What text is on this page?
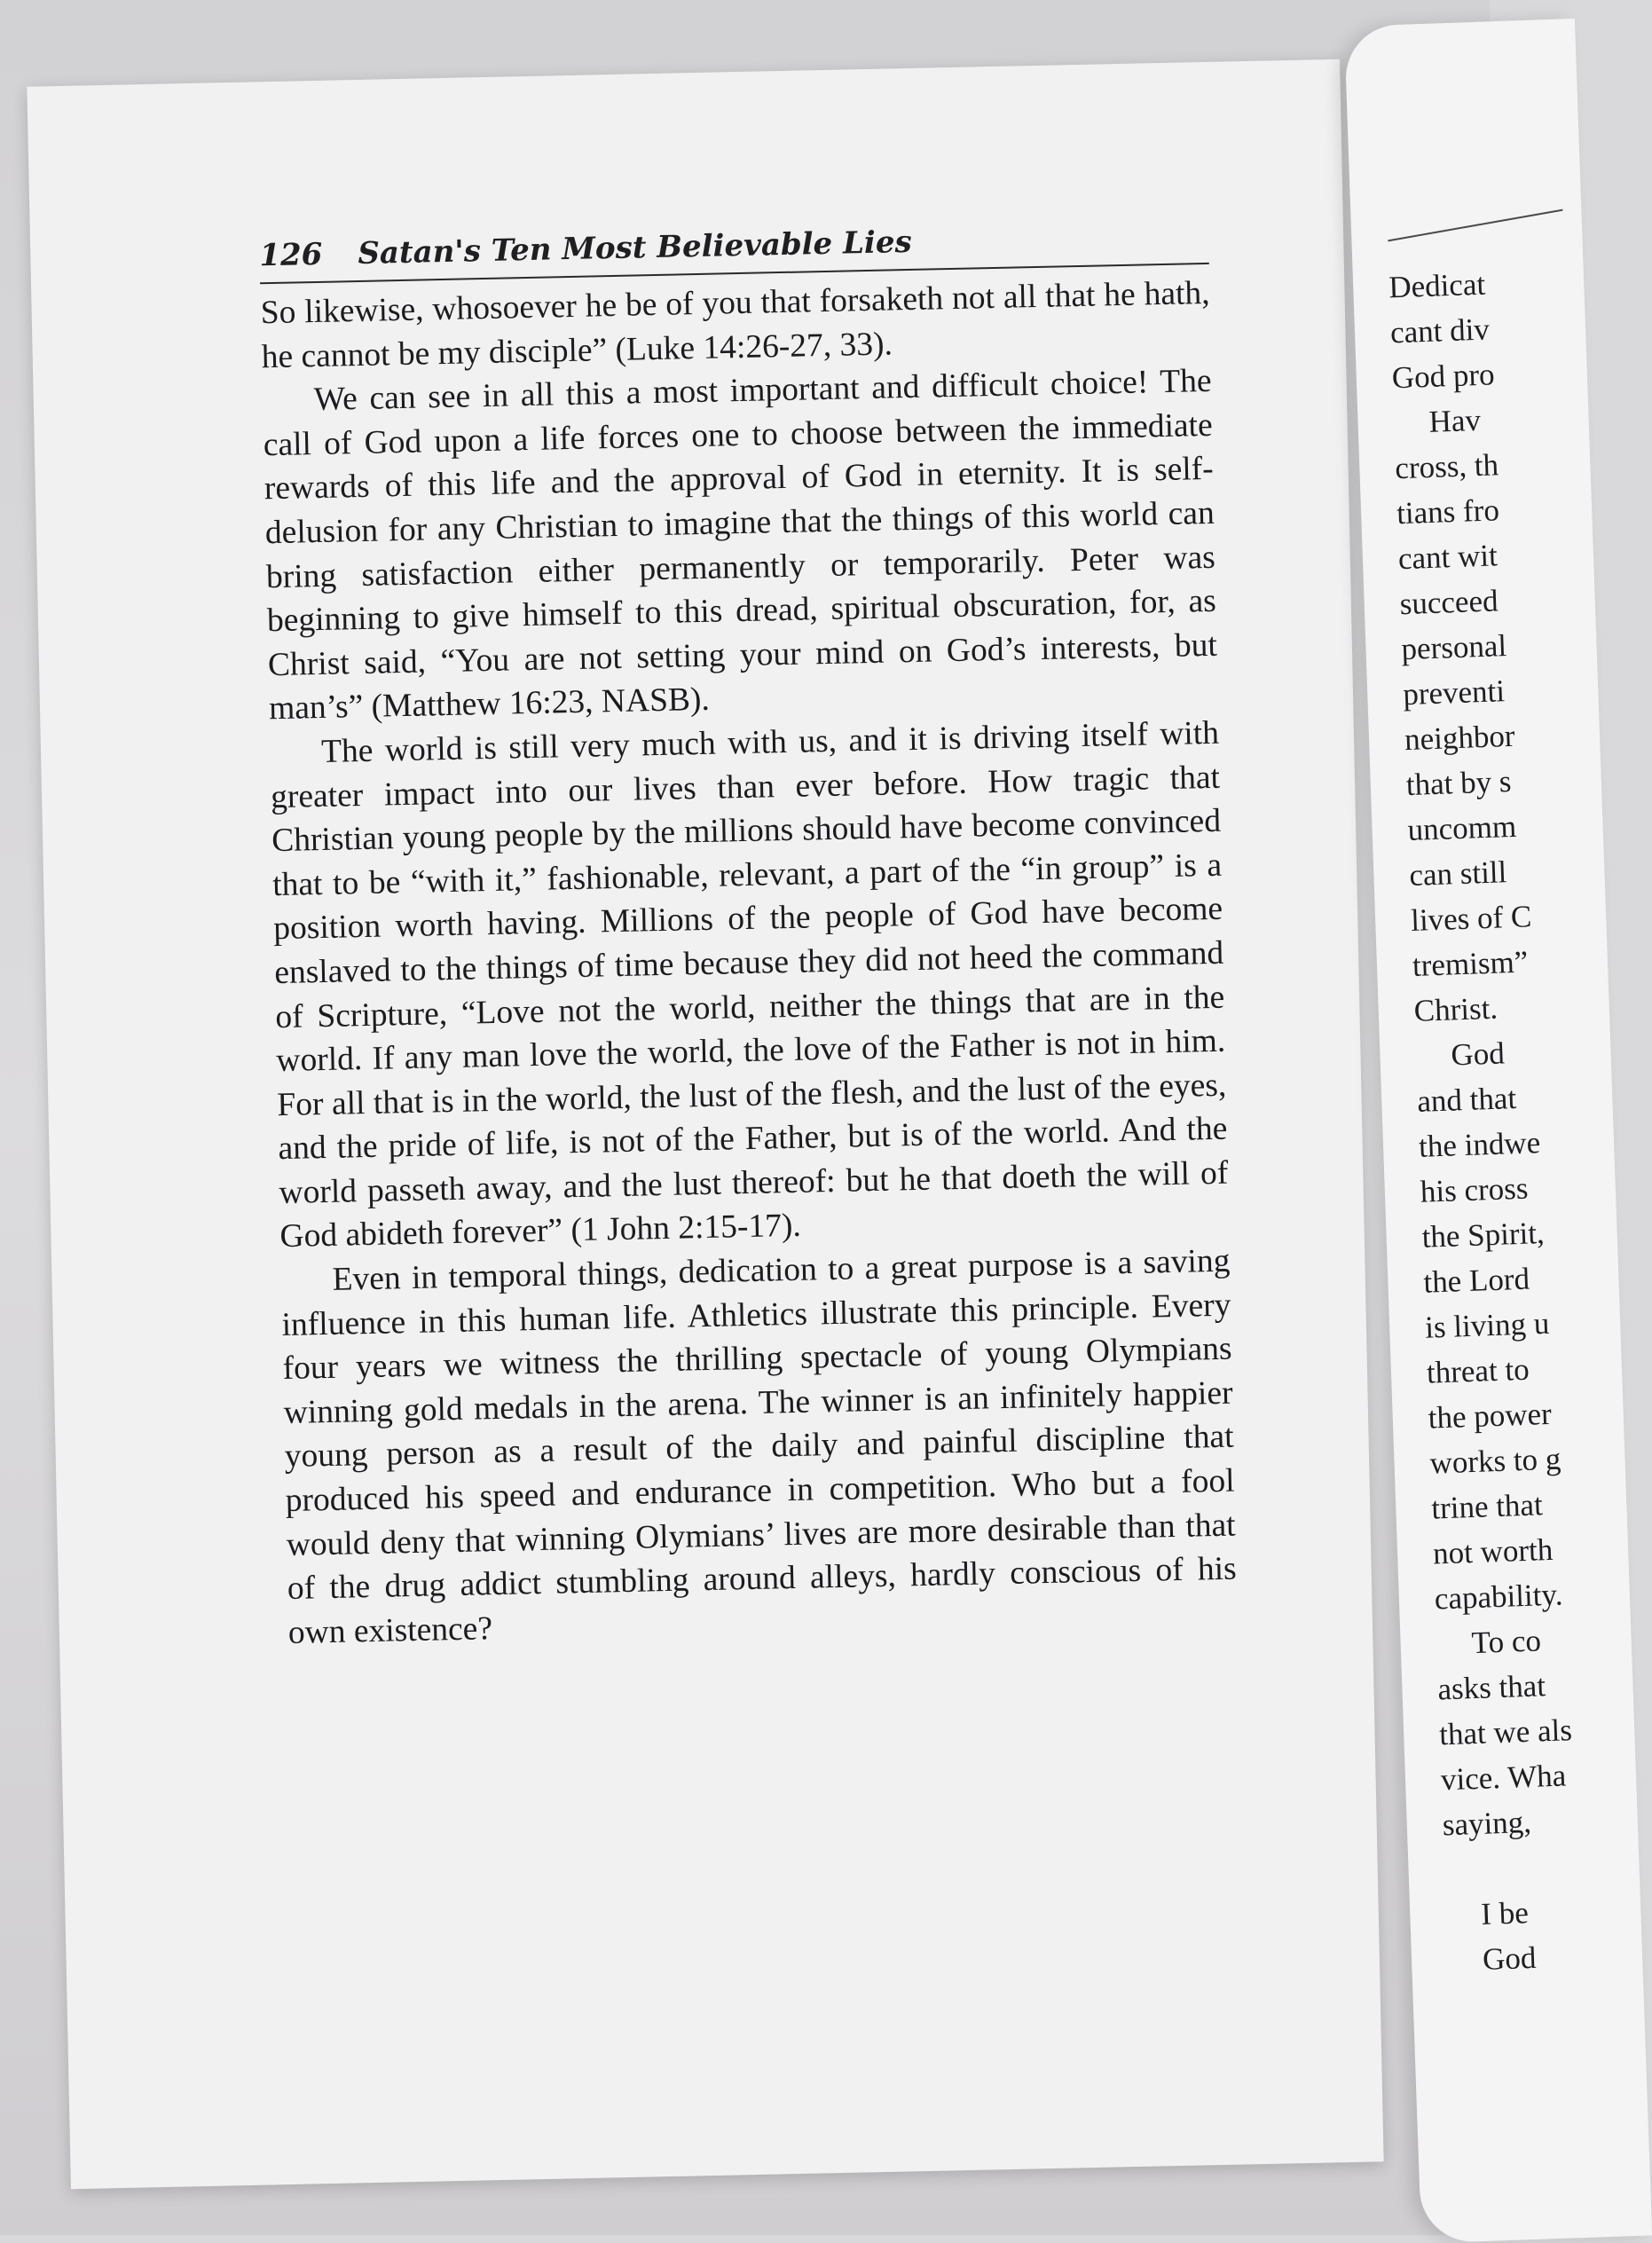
126 Satan's Ten Most Believable Lies

So likewise, whosoever he be of you that forsaketh not all that he hath, he cannot be my disciple” (Luke 14:26-27, 33).

We can see in all this a most important and difficult choice! The call of God upon a life forces one to choose between the immediate rewards of this life and the approval of God in eternity. It is self-delusion for any Christian to imagine that the things of this world can bring satisfaction either permanently or temporarily. Peter was beginning to give himself to this dread, spiritual obscuration, for, as Christ said, “You are not setting your mind on God’s interests, but man’s” (Matthew 16:23, NASB).

The world is still very much with us, and it is driving itself with greater impact into our lives than ever before. How tragic that Christian young people by the millions should have become convinced that to be “with it,” fashionable, relevant, a part of the “in group” is a position worth having. Millions of the people of God have become enslaved to the things of time because they did not heed the command of Scripture, “Love not the world, neither the things that are in the world. If any man love the world, the love of the Father is not in him. For all that is in the world, the lust of the flesh, and the lust of the eyes, and the pride of life, is not of the Father, but is of the world. And the world passeth away, and the lust thereof: but he that doeth the will of God abideth forever” (1 John 2:15-17).

Even in temporal things, dedication to a great purpose is a saving influence in this human life. Athletics illustrate this principle. Every four years we witness the thrilling spectacle of young Olympians winning gold medals in the arena. The winner is an infinitely happier young person as a result of the daily and painful discipline that produced his speed and endurance in competition. Who but a fool would deny that winning Olymians’ lives are more desirable than that of the drug addict stumbling around alleys, hardly conscious of his own existence?

Dedicat
cant div
God pro
Hav
cross, th
tians fro
cant wit
succeed
personal
preventi
neighbor
that by s
uncomm
can still
lives of C
tremism”
Christ.
God
and that
the indwe
his cross
the Spirit,
the Lord
is living u
threat to
the power
works to g
trine that
not worth
capability.
To co
asks that
that we als
vice. Wha
saying,

I be
God
